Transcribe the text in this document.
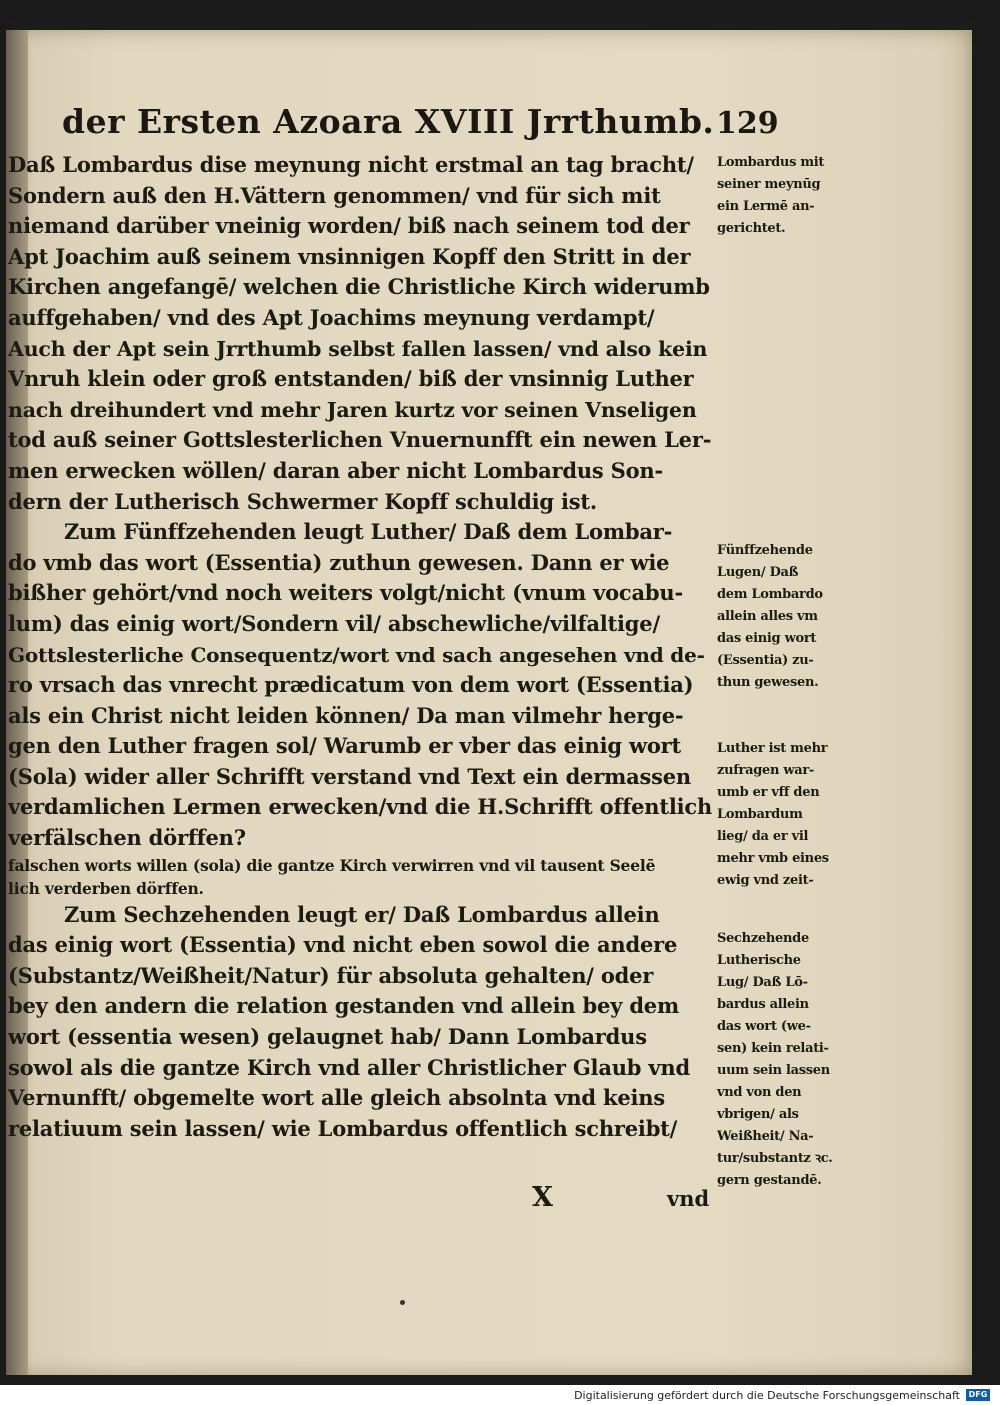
der Ersten Azoara XVIII Jrrthumb. 129
Daß Lombardus dise meynung nicht erstmal an tag bracht/
Sondern auß den H.Vättern genommen/ vnd für sich mit
niemand darüber vneinig worden/ biß nach seinem tod der
Apt Joachim auß seinem vnsinnigen Kopff den Stritt in der
Kirchen angefangē/ welchen die Christliche Kirch widerumb
auffgehaben/ vnd des Apt Joachims meynung verdampt/
Auch der Apt sein Jrrthumb selbst fallen lassen/ vnd also kein
Vnruh klein oder groß entstanden/ biß der vnsinnig Luther
nach dreihundert vnd mehr Jaren kurtz vor seinen Vnseligen
tod auß seiner Gottslesterlichen Vnuernunfft ein newen Ler-
men erwecken wöllen/ daran aber nicht Lombardus Son-
dern der Lutherisch Schwermer Kopff schuldig ist.
Zum Fünffzehenden leugt Luther/ Daß dem Lombar-
do vmb das wort (Essentia) zuthun gewesen. Dann er wie
bißher gehört/vnd noch weiters volgt/nicht (vnum vocabu-
lum) das einig wort/Sondern vil/ abschewliche/vilfaltige/
Gottslesterliche Consequentz/wort vnd sach angesehen vnd de-
ro vrsach das vnrecht prædicatum von dem wort (Essentia)
als ein Christ nicht leiden können/ Da man vilmehr herge-
gen den Luther fragen sol/ Warumb er vber das einig wort
(Sola) wider aller Schrifft verstand vnd Text ein dermassen
verdamlichen Lermen erwecken/vnd die H.Schrifft offentlich
verfälschen dörffen?
falschen worts willen (sola) die gantze Kirch verwirren vnd vil tausent Seelē
lich verderben dörffen.
Zum Sechzehenden leugt er/ Daß Lombardus allein
das einig wort (Essentia) vnd nicht eben sowol die andere
(Substantz/Weißheit/Natur) für absoluta gehalten/ oder
bey den andern die relation gestanden vnd allein bey dem
wort (essentia wesen) gelaugnet hab/ Dann Lombardus
sowol als die gantze Kirch vnd aller Christlicher Glaub vnd
Vernunfft/ obgemelte wort alle gleich absolnta vnd keins
relatiuum sein lassen/ wie Lombardus offentlich schreibt/
Lombardus mit
seiner meynūg
ein Lermē an-
gerichtet.
Fünffzehende
Lugen/ Daß
dem Lombardo
allein alles vm
das einig wort
(Essentia) zu-
thun gewesen.
Luther ist mehr
zufragen war-
umb er vff den
Lombardum
lieg/ da er vil
mehr vmb eines
ewig vnd zeit-
Sechzehende
Lutherische
Lug/ Daß Lō-
bardus allein
das wort (we-
sen) kein relati-
uum sein lassen
vnd von den
vbrigen/ als
Weißheit/ Na-
tur/substantz ꝛc.
gern gestandē.
X	vnd
Digitalisierung gefördert durch die Deutsche Forschungsgemeinschaft	DFG
